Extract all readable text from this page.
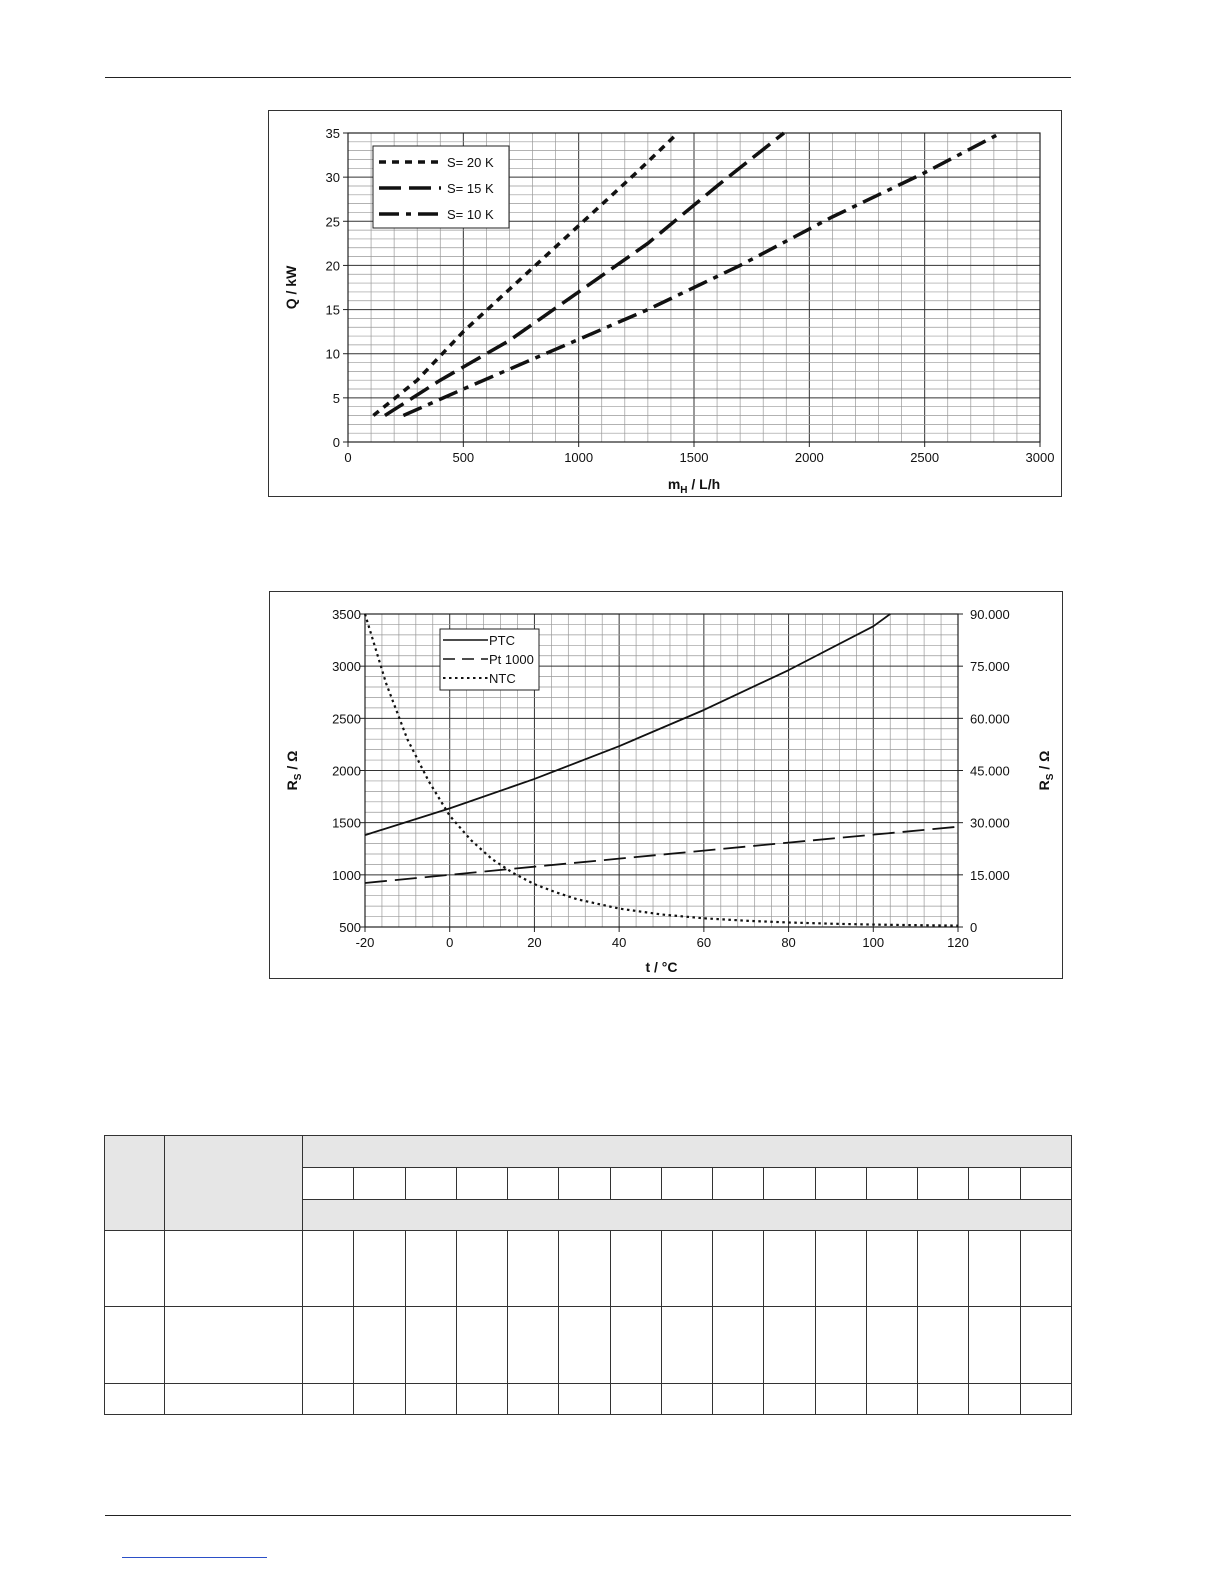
0	500	1000	1500	2000	2500	3000
0
5
10
15
20
25
30
35
$m_H / L/h$
Q / kW
S= 20 K
S= 15 K
S= 10 K
-20	0	20	40	60	80	100	120
500
1000
1500
2000
2500
3000
3500
0
15.000
30.000
45.000
60.000
75.000
90.000
t / °C
$R_S$ / Ω
$R_S$ / Ω
PTC
Pt 1000
NTC
